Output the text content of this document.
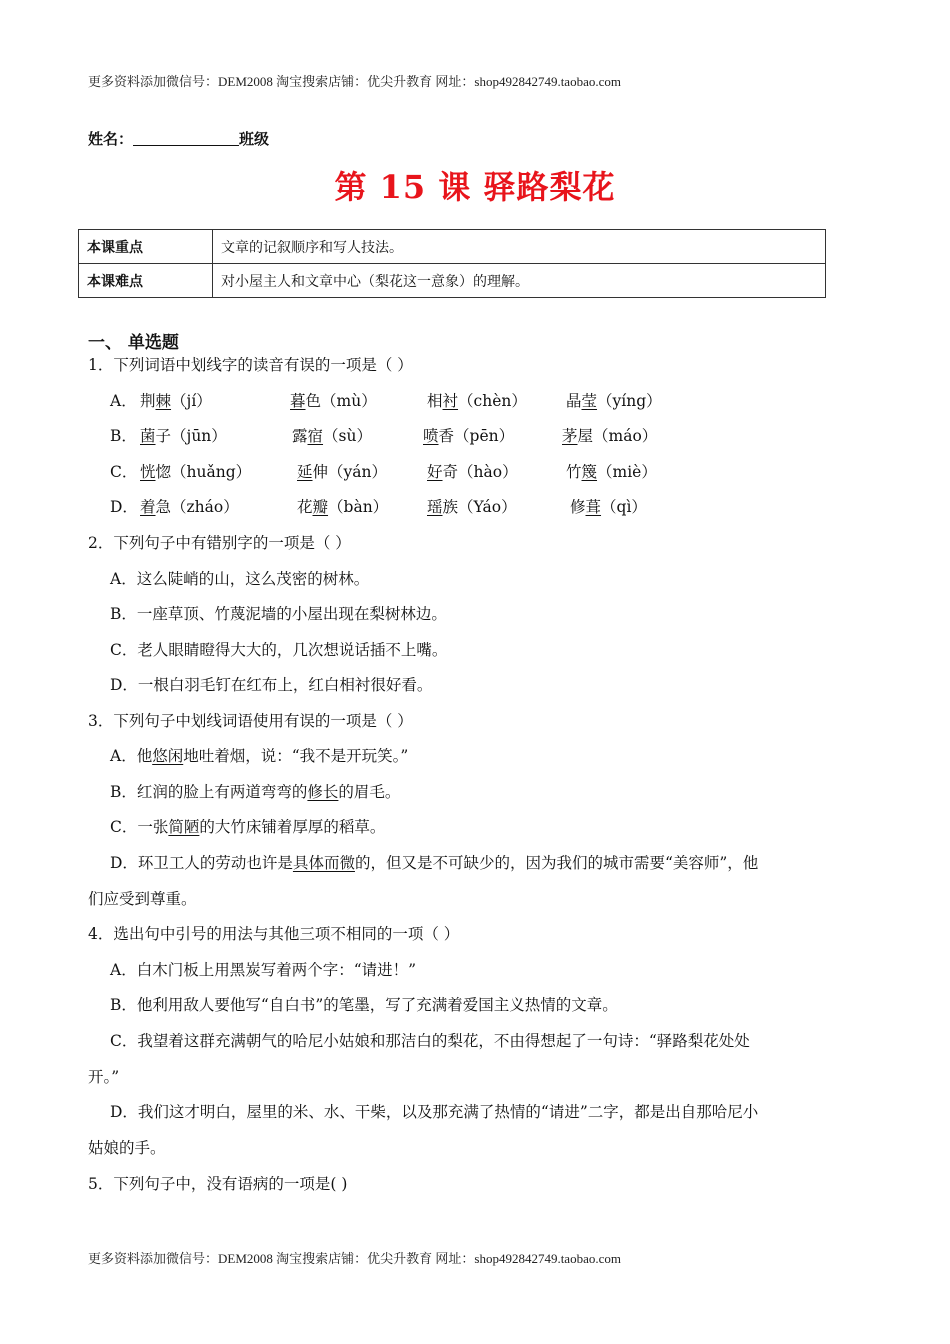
更多资料添加微信号：DEM2008 淘宝搜索店铺：优尖升教育 网址：shop492842749.taobao.com
姓名：	班级
第 15 课 驿路梨花
本课重点	文章的记叙顺序和写人技法。
本课难点	对小屋主人和文章中心（梨花这一意象）的理解。
一、 单选题
1．下列词语中划线字的读音有误的一项是（ ）
A． 荆棘（jí）	暮色（mù）	相衬（chèn）	晶莹（yíng）
B． 菌子（jūn）	露宿（sù）	喷香（pēn）	茅屋（máo）
C． 恍惚（huǎng）	延伸（yán）	好奇（hào）	竹篾（miè）
D． 着急（zháo）	花瓣（bàn）	瑶族（Yáo）	修葺（qì）
2．下列句子中有错别字的一项是（ ）
A．这么陡峭的山，这么茂密的树林。
B．一座草顶、竹蔑泥墙的小屋出现在梨树林边。
C．老人眼睛瞪得大大的，几次想说话插不上嘴。
D．一根白羽毛钉在红布上，红白相衬很好看。
3．下列句子中划线词语使用有误的一项是（ ）
A．他悠闲地吐着烟，说：“我不是开玩笑。”
B．红润的脸上有两道弯弯的修长的眉毛。
C．一张简陋的大竹床铺着厚厚的稻草。
D．环卫工人的劳动也许是具体而微的，但又是不可缺少的，因为我们的城市需要“美容师”，他
们应受到尊重。
4．选出句中引号的用法与其他三项不相同的一项（ ）
A．白木门板上用黑炭写着两个字：“请进！”
B．他利用敌人要他写“自白书”的笔墨，写了充满着爱国主义热情的文章。
C．我望着这群充满朝气的哈尼小姑娘和那洁白的梨花，不由得想起了一句诗：“驿路梨花处处
开。”
D．我们这才明白，屋里的米、水、干柴，以及那充满了热情的“请进”二字，都是出自那哈尼小
姑娘的手。
5．下列句子中，没有语病的一项是( )
更多资料添加微信号：DEM2008 淘宝搜索店铺：优尖升教育 网址：shop492842749.taobao.com
